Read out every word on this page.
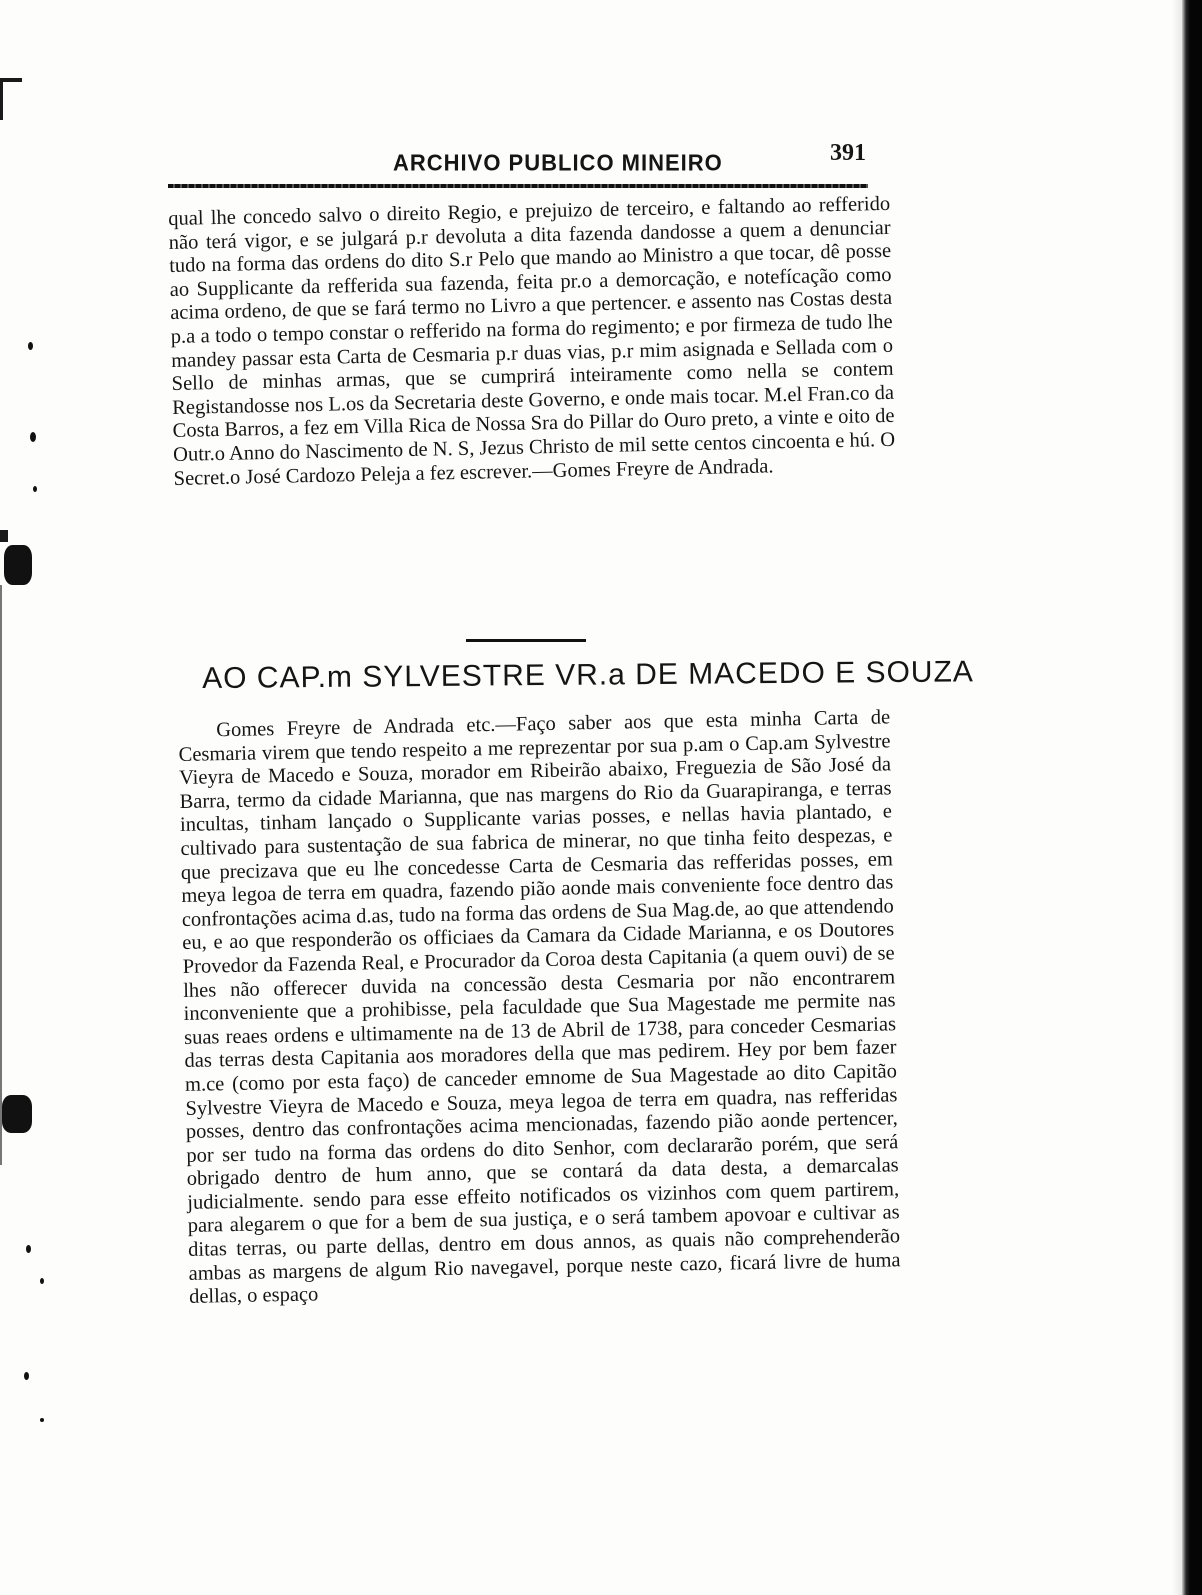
ARCHIVO PUBLICO MINEIRO	391

qual lhe concedo salvo o direito Regio, e prejuizo de terceiro, e faltando ao refferido não terá vigor, e se julgará p.r devoluta a dita fazenda dandosse a quem a denunciar tudo na forma das ordens do dito S.r Pelo que mando ao Ministro a que tocar, dê posse ao Supplicante da refferida sua fazenda, feita pr.o a demorcação, e notefícação como acima ordeno, de que se fará termo no Livro a que pertencer. e assento nas Costas desta p.a a todo o tempo constar o refferido na forma do regimento; e por firmeza de tudo lhe mandey passar esta Carta de Cesmaria p.r duas vias, p.r mim asignada e Sellada com o Sello de minhas armas, que se cumprirá inteiramente como nella se contem Registandosse nos L.os da Secretaria deste Governo, e onde mais tocar. M.el Fran.co da Costa Barros, a fez em Villa Rica de Nossa Sra do Pillar do Ouro preto, a vinte e oito de Outr.o Anno do Nascimento de N. S, Jezus Christo de mil sette centos cincoenta e hú. O Secret.o José Cardozo Peleja a fez escrever.—Gomes Freyre de Andrada.

AO CAP.m SYLVESTRE VR.a DE MACEDO E SOUZA

Gomes Freyre de Andrada etc.—Faço saber aos que esta minha Carta de Cesmaria virem que tendo respeito a me reprezentar por sua p.am o Cap.am Sylvestre Vieyra de Macedo e Souza, morador em Ribeirão abaixo, Freguezia de São José da Barra, termo da cidade Marianna, que nas margens do Rio da Guarapiranga, e terras incultas, tinham lançado o Supplicante varias posses, e nellas havia plantado, e cultivado para sustentação de sua fabrica de minerar, no que tinha feito despezas, e que precizava que eu lhe concedesse Carta de Cesmaria das refferidas posses, em meya legoa de terra em quadra, fazendo pião aonde mais conveniente foce dentro das confrontações acima d.as, tudo na forma das ordens de Sua Mag.de, ao que attendendo eu, e ao que responderão os officiaes da Camara da Cidade Marianna, e os Doutores Provedor da Fazenda Real, e Procurador da Coroa desta Capitania (a quem ouvi) de se lhes não offerecer duvida na concessão desta Cesmaria por não encontrarem inconveniente que a prohibisse, pela faculdade que Sua Magestade me permite nas suas reaes ordens e ultimamente na de 13 de Abril de 1738, para conceder Cesmarias das terras desta Capitania aos moradores della que mas pedirem. Hey por bem fazer m.ce (como por esta faço) de canceder emnome de Sua Magestade ao dito Capitão Sylvestre Vieyra de Macedo e Souza, meya legoa de terra em quadra, nas refferidas posses, dentro das confrontações acima mencionadas, fazendo pião aonde pertencer, por ser tudo na forma das ordens do dito Senhor, com declararão porém, que será obrigado dentro de hum anno, que se contará da data desta, a demarcalas judicialmente. sendo para esse effeito notificados os vizinhos com quem partirem, para alegarem o que for a bem de sua justiça, e o será tambem apovoar e cultivar as ditas terras, ou parte dellas, dentro em dous annos, as quais não comprehenderão ambas as margens de algum Rio navegavel, porque neste cazo, ficará livre de huma dellas, o espaço
